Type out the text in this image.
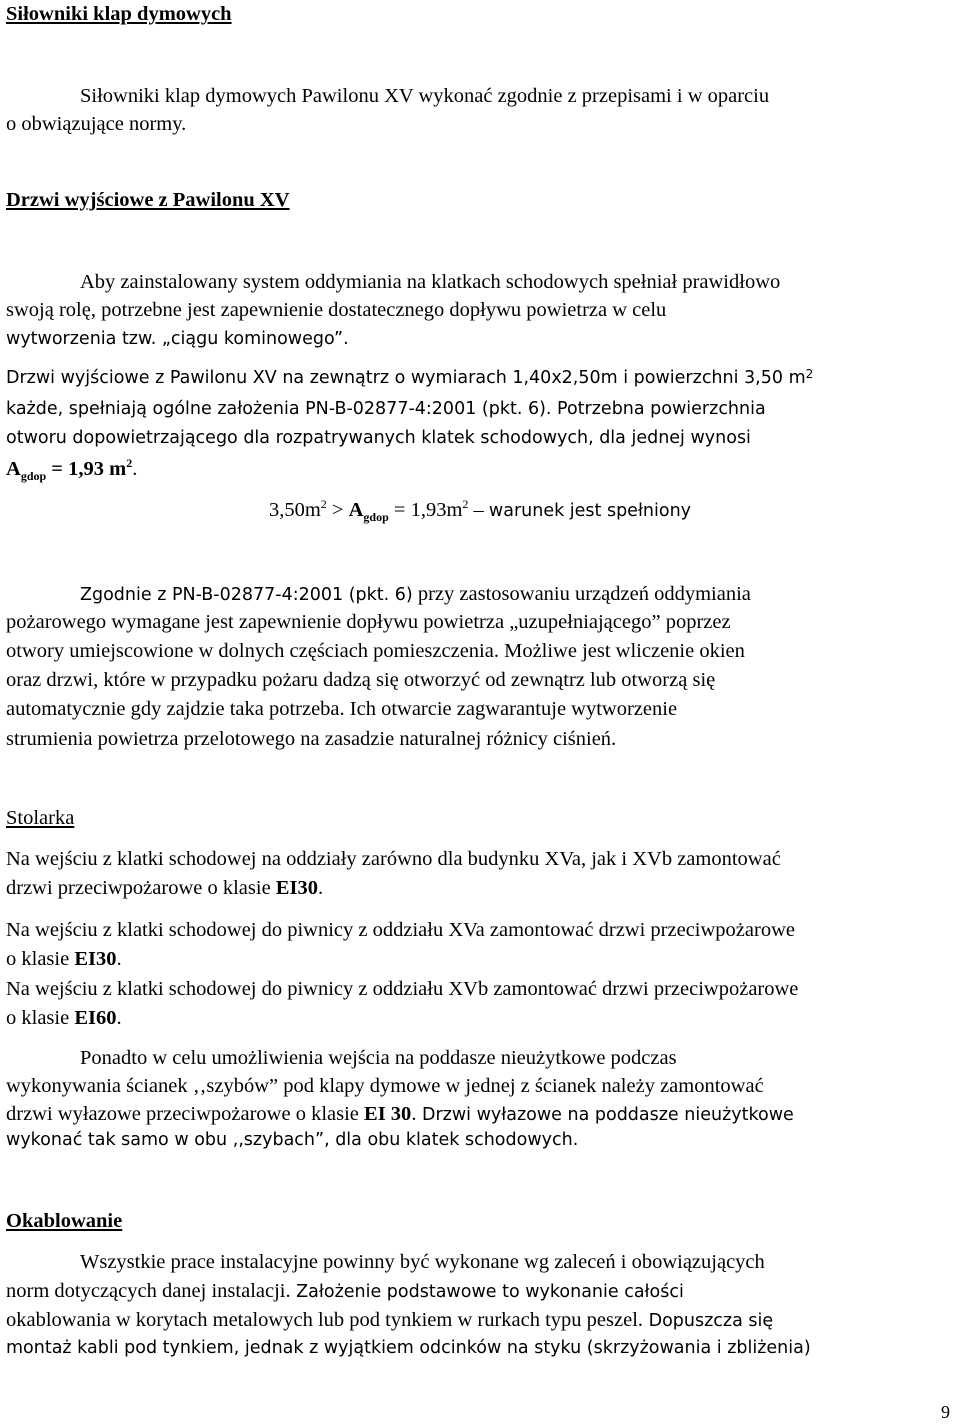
Siłowniki klap dymowych
Siłowniki klap dymowych Pawilonu XV wykonać zgodnie z przepisami i w oparciu
o obwiązujące normy.
Drzwi wyjściowe z Pawilonu XV
Aby zainstalowany system oddymiania na klatkach schodowych spełniał prawidłowo
swoją rolę, potrzebne jest zapewnienie dostatecznego dopływu powietrza w celu
wytworzenia tzw. „ciągu kominowego”.
Drzwi wyjściowe z Pawilonu XV na zewnątrz o wymiarach 1,40x2,50m i powierzchni 3,50 $m^2$
każde, spełniają ogólne założenia PN-B-02877-4:2001 (pkt. 6). Potrzebna powierzchnia
otworu dopowietrzającego dla rozpatrywanych klatek schodowych, dla jednej wynosi
$A_{gdop} = 1,93$ $m^2$.
$3,50m^2 > A_{gdop} = 1,93m^2$ – warunek jest spełniony
Zgodnie z PN-B-02877-4:2001 (pkt. 6) przy zastosowaniu urządzeń oddymiania
pożarowego wymagane jest zapewnienie dopływu powietrza „uzupełniającego” poprzez
otwory umiejscowione w dolnych częściach pomieszczenia. Możliwe jest wliczenie okien
oraz drzwi, które w przypadku pożaru dadzą się otworzyć od zewnątrz lub otworzą się
automatycznie gdy zajdzie taka potrzeba. Ich otwarcie zagwarantuje wytworzenie
strumienia powietrza przelotowego na zasadzie naturalnej różnicy ciśnień.
Stolarka
Na wejściu z klatki schodowej na oddziały zarówno dla budynku XVa, jak i XVb zamontować
drzwi przeciwpożarowe o klasie EI30.
Na wejściu z klatki schodowej do piwnicy z oddziału XVa zamontować drzwi przeciwpożarowe
o klasie EI30.
Na wejściu z klatki schodowej do piwnicy z oddziału XVb zamontować drzwi przeciwpożarowe
o klasie EI60.
Ponadto w celu umożliwienia wejścia na poddasze nieużytkowe podczas
wykonywania ścianek ‚‚szybów” pod klapy dymowe w jednej z ścianek należy zamontować
drzwi wyłazowe przeciwpożarowe o klasie EI 30. Drzwi wyłazowe na poddasze nieużytkowe
wykonać tak samo w obu ‚‚szybach”, dla obu klatek schodowych.
Okablowanie
Wszystkie prace instalacyjne powinny być wykonane wg zaleceń i obowiązujących
norm dotyczących danej instalacji. Założenie podstawowe to wykonanie całości
okablowania w korytach metalowych lub pod tynkiem w rurkach typu peszel. Dopuszcza się
montaż kabli pod tynkiem, jednak z wyjątkiem odcinków na styku (skrzyżowania i zbliżenia)
9
